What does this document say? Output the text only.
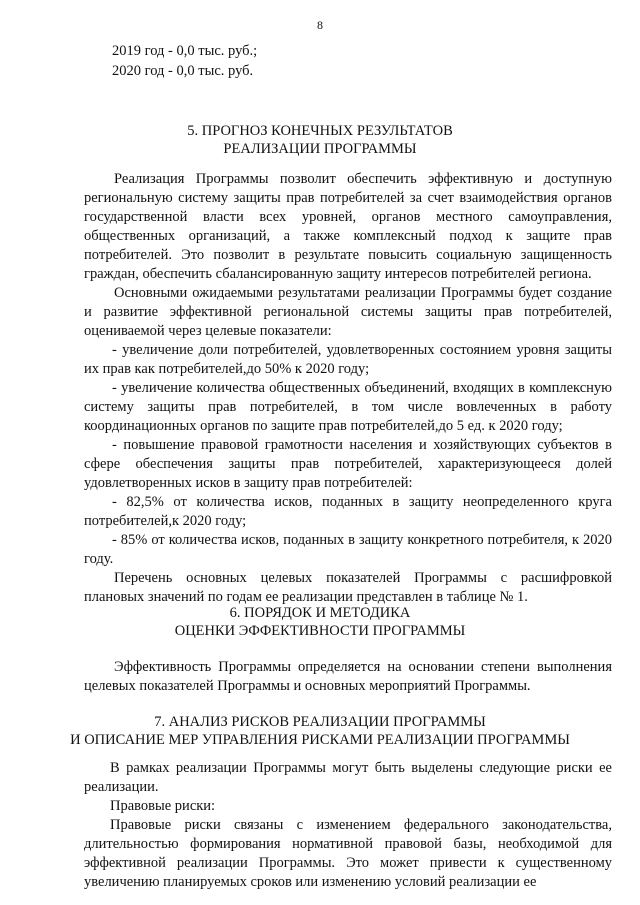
8
2019 год - 0,0 тыс. руб.;
2020 год - 0,0 тыс. руб.
5. ПРОГНОЗ КОНЕЧНЫХ РЕЗУЛЬТАТОВ
РЕАЛИЗАЦИИ ПРОГРАММЫ

Реализация Программы позволит обеспечить эффективную и доступную региональную систему защиты прав потребителей за счет взаимодействия органов государственной власти всех уровней, органов местного самоуправления, общественных организаций, а также комплексный подход к защите прав потребителей. Это позволит в результате повысить социальную защищенность граждан, обеспечить сбалансированную защиту интересов потребителей региона.

Основными ожидаемыми результатами реализации Программы будет создание и развитие эффективной региональной системы защиты прав потребителей, оцениваемой через целевые показатели:

- увеличение доли потребителей, удовлетворенных состоянием уровня защиты их прав как потребителей,до 50% к 2020 году;

- увеличение количества общественных объединений, входящих в комплексную систему защиты прав потребителей, в том числе вовлеченных в работу координационных органов по защите прав потребителей,до 5 ед. к 2020 году;

- повышение правовой грамотности населения и хозяйствующих субъектов в сфере обеспечения защиты прав потребителей, характеризующееся долей удовлетворенных исков в защиту прав потребителей:

- 82,5% от количества исков, поданных в защиту неопределенного круга потребителей,к 2020 году;

- 85% от количества исков, поданных в защиту конкретного потребителя, к 2020 году.

Перечень основных целевых показателей Программы с расшифровкой плановых значений по годам ее реализации представлен в таблице № 1.

6. ПОРЯДОК И МЕТОДИКА
ОЦЕНКИ ЭФФЕКТИВНОСТИ ПРОГРАММЫ

Эффективность Программы определяется на основании степени выполнения целевых показателей Программы и основных мероприятий Программы.

7. АНАЛИЗ РИСКОВ РЕАЛИЗАЦИИ ПРОГРАММЫ
И ОПИСАНИЕ МЕР УПРАВЛЕНИЯ РИСКАМИ РЕАЛИЗАЦИИ ПРОГРАММЫ

В рамках реализации Программы могут быть выделены следующие риски ее реализации.

Правовые риски:

Правовые риски связаны с изменением федерального законодательства, длительностью формирования нормативной правовой базы, необходимой для эффективной реализации Программы. Это может привести к существенному увеличению планируемых сроков или изменению условий реализации ее
